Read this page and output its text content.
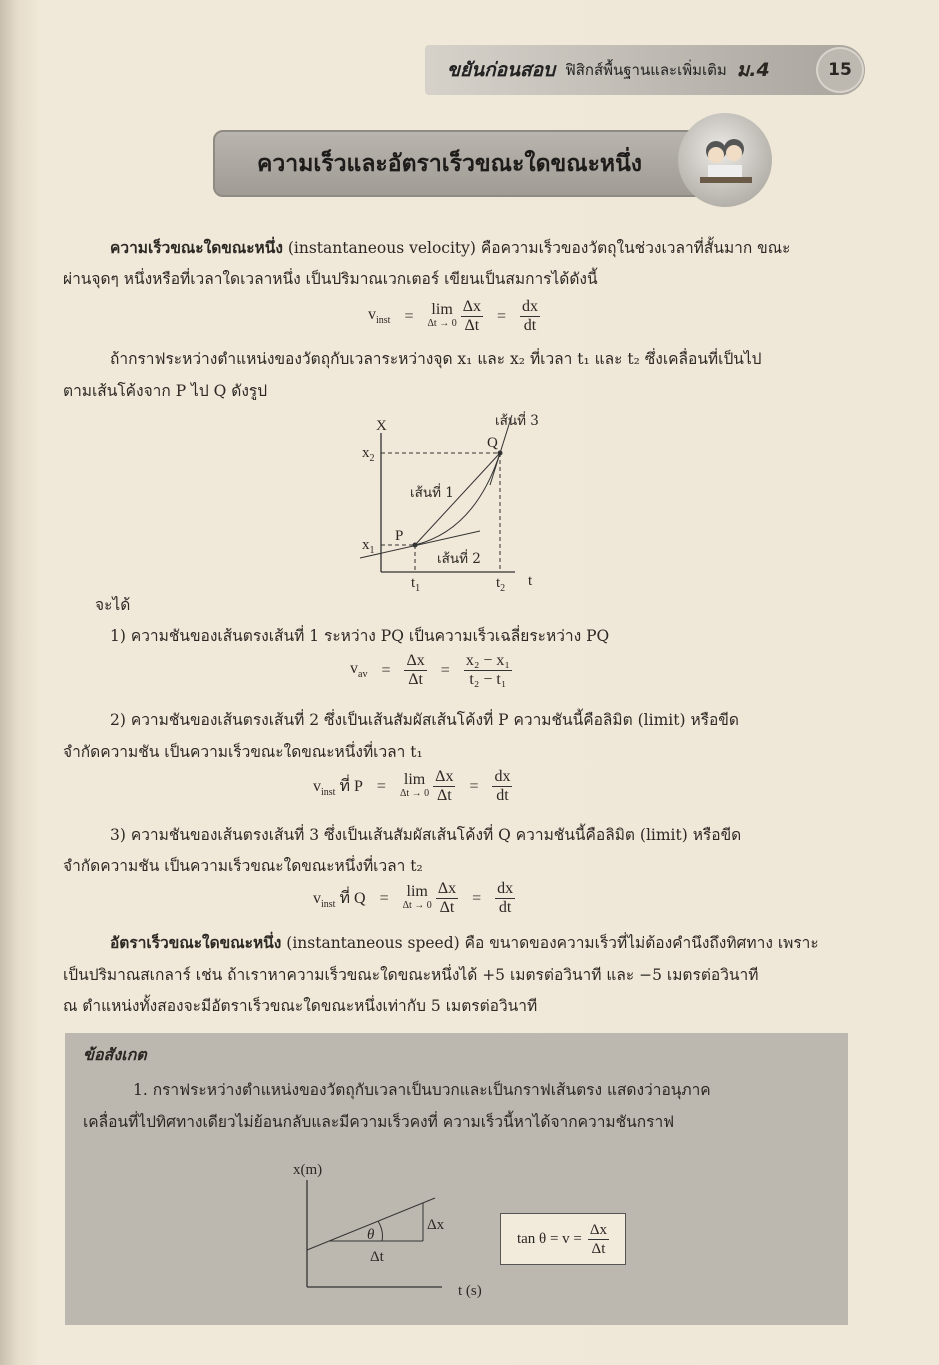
ขยันก่อนสอบ ฟิสิกส์พื้นฐานและเพิ่มเติม ม.4	15
ความเร็วและอัตราเร็วขณะใดขณะหนึ่ง
ความเร็วขณะใดขณะหนึ่ง (instantaneous velocity) คือความเร็วของวัตถุในช่วงเวลาที่สั้นมาก ขณะ
ผ่านจุดๆ หนึ่งหรือที่เวลาใดเวลาหนึ่ง เป็นปริมาณเวกเตอร์ เขียนเป็นสมการได้ดังนี้
$v_{inst} = \lim$
$\Delta t \to 0 \frac{\Delta x}{\Delta t} = \frac{dx}{dt}$
ถ้ากราฟระหว่างตำแหน่งของวัตถุกับเวลาระหว่างจุด x₁ และ x₂ ที่เวลา t₁ และ t₂ ซึ่งเคลื่อนที่เป็นไป
ตามเส้นโค้งจาก P ไป Q ดังรูป
X
t
$x_2$
$x_1$
$t_1$	$t_2$
P
Q
เส้นที่ 1
เส้นที่ 2
เส้นที่ 3
จะได้
1) ความชันของเส้นตรงเส้นที่ 1 ระหว่าง PQ เป็นความเร็วเฉลี่ยระหว่าง PQ
$v_{av} = \frac{\Delta x}{\Delta t} = \frac{\text{x₂ − x₁}}{\text{t₂ − t₁}}$
2) ความชันของเส้นตรงเส้นที่ 2 ซึ่งเป็นเส้นสัมผัสเส้นโค้งที่ P ความชันนี้คือลิมิต (limit) หรือขีด
จำกัดความชัน เป็นความเร็วขณะใดขณะหนึ่งที่เวลา t₁
$v_{inst}$ ที่ P = lim
$\Delta t \to 0 \frac{\Delta x}{\Delta t} = \frac{dx}{dt}$
3) ความชันของเส้นตรงเส้นที่ 3 ซึ่งเป็นเส้นสัมผัสเส้นโค้งที่ Q ความชันนี้คือลิมิต (limit) หรือขีด
จำกัดความชัน เป็นความเร็วขณะใดขณะหนึ่งที่เวลา t₂
$v_{inst}$ ที่ Q = lim
$\Delta t \to 0 \frac{\Delta x}{\Delta t} = \frac{dx}{dt}$
อัตราเร็วขณะใดขณะหนึ่ง (instantaneous speed) คือ ขนาดของความเร็วที่ไม่ต้องคำนึงถึงทิศทาง เพราะ
เป็นปริมาณสเกลาร์ เช่น ถ้าเราหาความเร็วขณะใดขณะหนึ่งได้ +5 เมตรต่อวินาที และ −5 เมตรต่อวินาที
ณ ตำแหน่งทั้งสองจะมีอัตราเร็วขณะใดขณะหนึ่งเท่ากับ 5 เมตรต่อวินาที
ข้อสังเกต
1. กราฟระหว่างตำแหน่งของวัตถุกับเวลาเป็นบวกและเป็นกราฟเส้นตรง แสดงว่าอนุภาค
เคลื่อนที่ไปทิศทางเดียวไม่ย้อนกลับและมีความเร็วคงที่ ความเร็วนี้หาได้จากความชันกราฟ
x(m)
t (s)
θ
Δx
Δt
$\tan \theta = v = \frac{\Delta x}{\Delta t}$
